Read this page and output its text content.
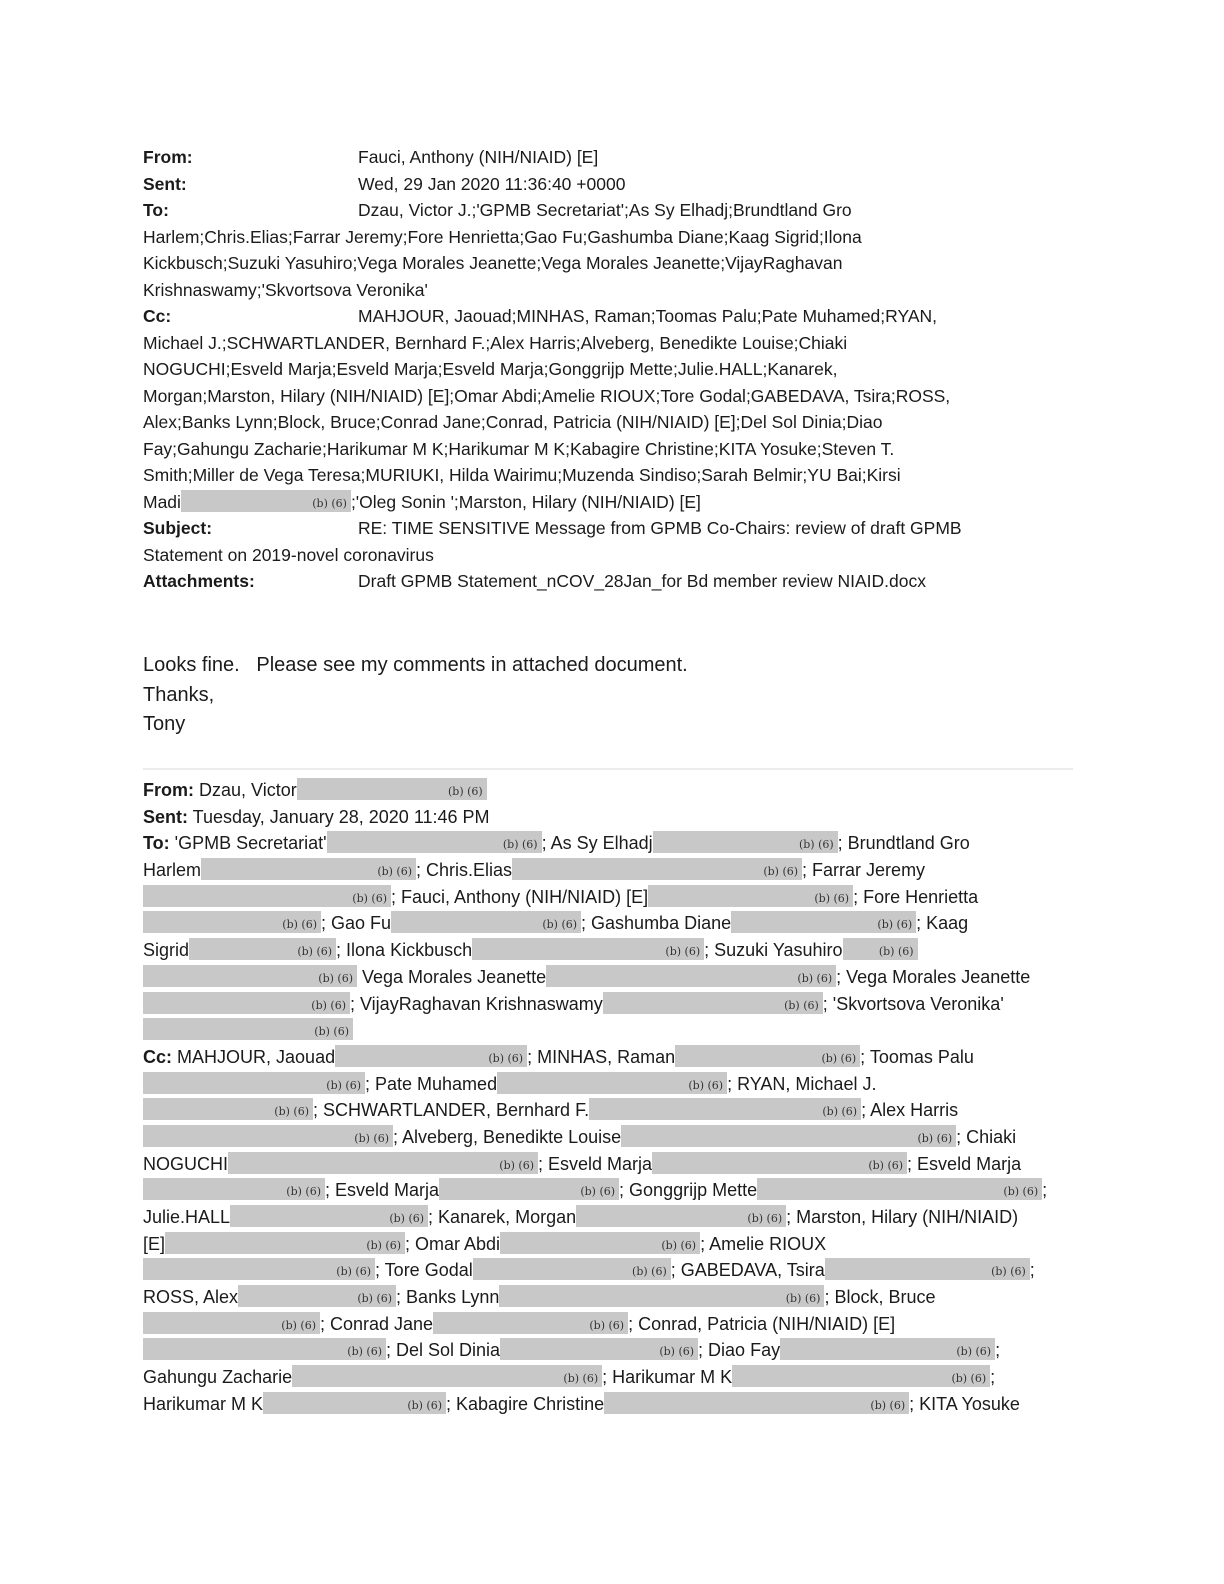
From:	Fauci, Anthony (NIH/NIAID) [E]
Sent:	Wed, 29 Jan 2020 11:36:40 +0000
To:	Dzau, Victor J.;'GPMB Secretariat';As Sy Elhadj;Brundtland Gro
Harlem;Chris.Elias;Farrar Jeremy;Fore Henrietta;Gao Fu;Gashumba Diane;Kaag Sigrid;Ilona
Kickbusch;Suzuki Yasuhiro;Vega Morales Jeanette;Vega Morales Jeanette;VijayRaghavan
Krishnaswamy;'Skvortsova Veronika'
Cc:	MAHJOUR, Jaouad;MINHAS, Raman;Toomas Palu;Pate Muhamed;RYAN,
Michael J.;SCHWARTLANDER, Bernhard F.;Alex Harris;Alveberg, Benedikte Louise;Chiaki
NOGUCHI;Esveld Marja;Esveld Marja;Esveld Marja;Gonggrijp Mette;Julie.HALL;Kanarek,
Morgan;Marston, Hilary (NIH/NIAID) [E];Omar Abdi;Amelie RIOUX;Tore Godal;GABEDAVA, Tsira;ROSS,
Alex;Banks Lynn;Block, Bruce;Conrad Jane;Conrad, Patricia (NIH/NIAID) [E];Del Sol Dinia;Diao
Fay;Gahungu Zacharie;Harikumar M K;Harikumar M K;Kabagire Christine;KITA Yosuke;Steven T.
Smith;Miller de Vega Teresa;MURIUKI, Hilda Wairimu;Muzenda Sindiso;Sarah Belmir;YU Bai;Kirsi
Madi	(b) (6) ;'Oleg Sonin ';Marston, Hilary (NIH/NIAID) [E]
Subject:	RE: TIME SENSITIVE Message from GPMB Co-Chairs: review of draft GPMB
Statement on 2019-novel coronavirus
Attachments:	Draft GPMB Statement_nCOV_28Jan_for Bd member review NIAID.docx
Looks fine.   Please see my comments in attached document.
Thanks,
Tony
From: Dzau, Victor	(b) (6)
Sent: Tuesday, January 28, 2020 11:46 PM
To: 'GPMB Secretariat'	(b) (6) ; As Sy Elhadj	(b) (6) ; Brundtland Gro
Harlem	(b) (6) ; Chris.Elias	(b) (6) ; Farrar Jeremy
(b) (6) ; Fauci, Anthony (NIH/NIAID) [E]	(b) (6) ; Fore Henrietta
(b) (6) ; Gao Fu	(b) (6) ; Gashumba Diane	(b) (6) ; Kaag
Sigrid	(b) (6) ; Ilona Kickbusch	(b) (6) ; Suzuki Yasuhiro	(b) (6)
(b) (6) Vega Morales Jeanette	(b) (6) ; Vega Morales Jeanette
(b) (6) ; VijayRaghavan Krishnaswamy	(b) (6) ; 'Skvortsova Veronika'
(b) (6)
Cc: MAHJOUR, Jaouad	(b) (6) ; MINHAS, Raman	(b) (6) ; Toomas Palu
(b) (6) ; Pate Muhamed	(b) (6) ; RYAN, Michael J.
(b) (6) ; SCHWARTLANDER, Bernhard F.	(b) (6) ; Alex Harris
(b) (6) ; Alveberg, Benedikte Louise	(b) (6) ; Chiaki
NOGUCHI	(b) (6) ; Esveld Marja	(b) (6) ; Esveld Marja
(b) (6) ; Esveld Marja	(b) (6) ; Gonggrijp Mette	(b) (6) ;
Julie.HALL	(b) (6) ; Kanarek, Morgan	(b) (6) ; Marston, Hilary (NIH/NIAID)
[E]	(b) (6) ; Omar Abdi	(b) (6) ; Amelie RIOUX
(b) (6) ; Tore Godal	(b) (6) ; GABEDAVA, Tsira	(b) (6) ;
ROSS, Alex	(b) (6) ; Banks Lynn	(b) (6) ; Block, Bruce
(b) (6) ; Conrad Jane	(b) (6) ; Conrad, Patricia (NIH/NIAID) [E]
(b) (6) ; Del Sol Dinia	(b) (6) ; Diao Fay	(b) (6) ;
Gahungu Zacharie	(b) (6) ; Harikumar M K	(b) (6) ;
Harikumar M K	(b) (6) ; Kabagire Christine	(b) (6) ; KITA Yosuke
